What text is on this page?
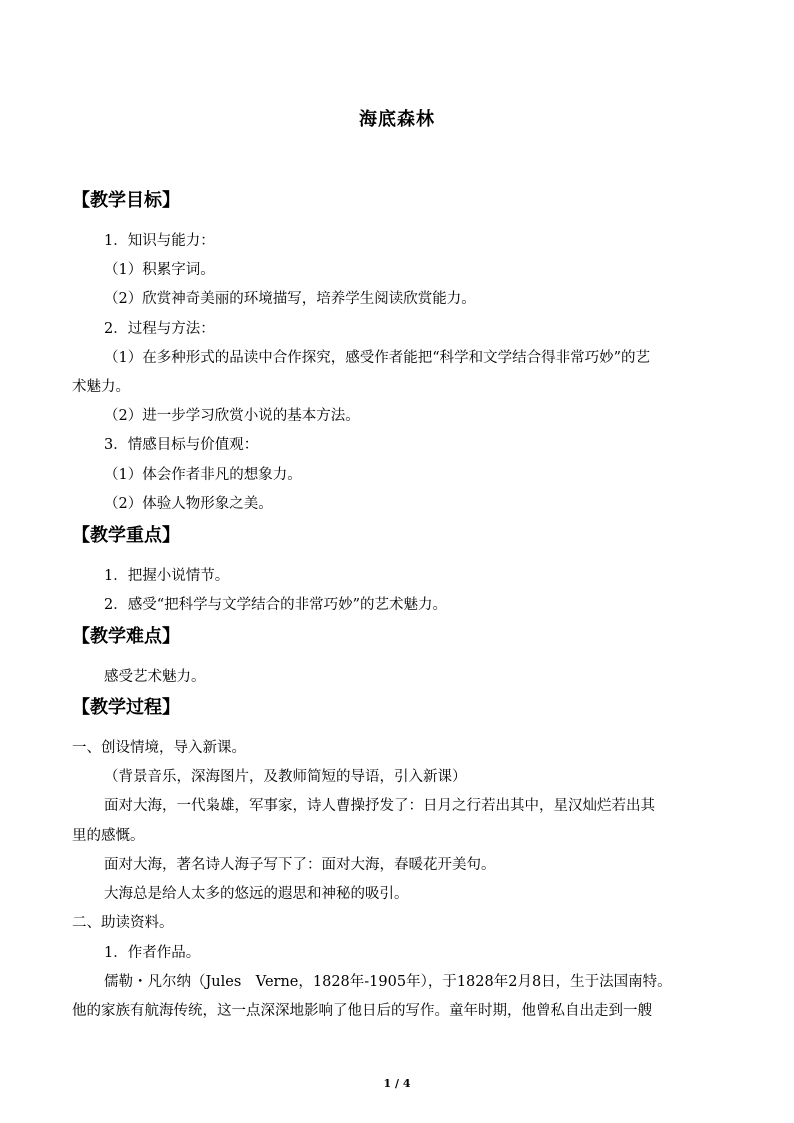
海底森林
【教学目标】
1．知识与能力：
（1）积累字词。
（2）欣赏神奇美丽的环境描写，培养学生阅读欣赏能力。
2．过程与方法：
（1）在多种形式的品读中合作探究，感受作者能把“科学和文学结合得非常巧妙”的艺
术魅力。
（2）进一步学习欣赏小说的基本方法。
3．情感目标与价值观：
（1）体会作者非凡的想象力。
（2）体验人物形象之美。
【教学重点】
1．把握小说情节。
2．感受“把科学与文学结合的非常巧妙”的艺术魅力。
【教学难点】
感受艺术魅力。
【教学过程】
一、创设情境，导入新课。
（背景音乐，深海图片，及教师简短的导语，引入新课）
面对大海，一代枭雄，军事家，诗人曹操抒发了：日月之行若出其中，星汉灿烂若出其
里的感慨。
面对大海，著名诗人海子写下了：面对大海，春暖花开美句。
大海总是给人太多的悠远的遐思和神秘的吸引。
二、助读资料。
1．作者作品。
儒勒・凡尔纳（Jules　Verne，1828年-1905年），于1828年2月8日，生于法国南特。
他的家族有航海传统，这一点深深地影响了他日后的写作。童年时期，他曾私自出走到一艘
1 / 4
